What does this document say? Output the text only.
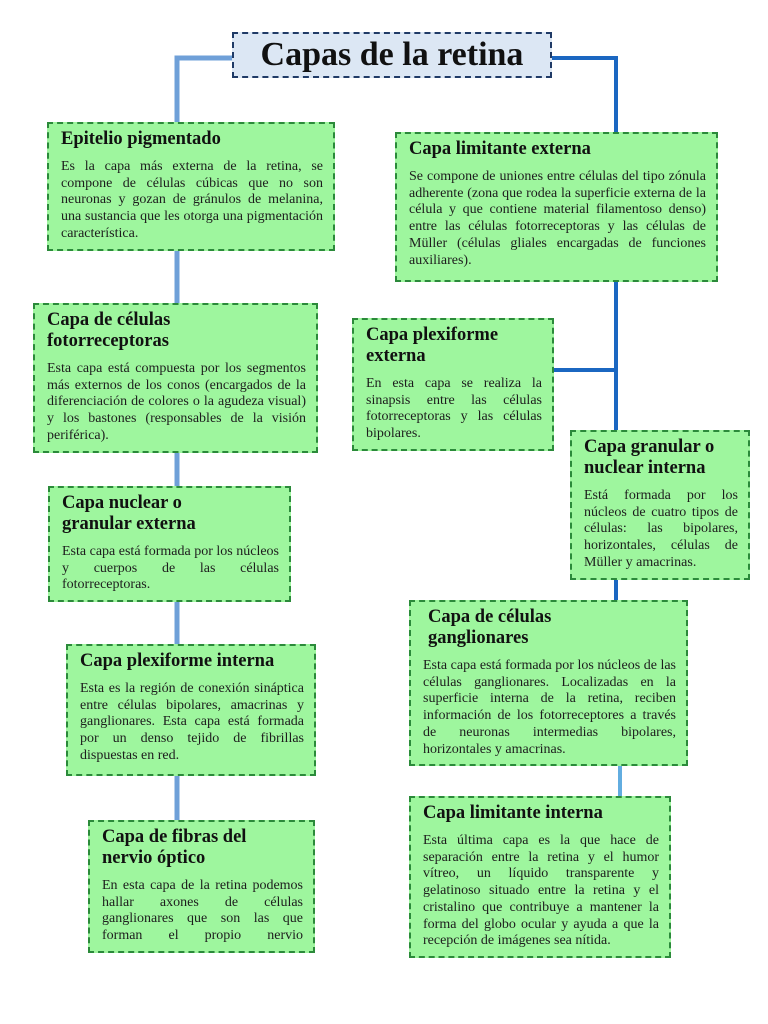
Capas de la retina
Epitelio pigmentado

Es la capa más externa de la retina, se compone de células cúbicas que no son neuronas y gozan de gránulos de melanina, una sustancia que les otorga una pigmentación característica.

Capa de células fotorreceptoras

Esta capa está compuesta por los segmentos más externos de los conos (encargados de la diferenciación de colores o la agudeza visual) y los bastones (responsables de la visión periférica).

Capa nuclear o granular externa

Esta capa está formada por los núcleos y cuerpos de las células fotorreceptoras.

Capa plexiforme interna

Esta es la región de conexión sináptica entre células bipolares, amacrinas y ganglionares. Esta capa está formada por un denso tejido de fibrillas dispuestas en red.

Capa de fibras del nervio óptico

En esta capa de la retina podemos hallar axones de células ganglionares que son las que forman el propio nervio

Capa limitante externa

Se compone de uniones entre células del tipo zónula adherente (zona que rodea la superficie externa de la célula y que contiene material filamentoso denso) entre las células fotorreceptoras y las células de Müller (células gliales encargadas de funciones auxiliares).

Capa plexiforme externa

En esta capa se realiza la sinapsis entre las células fotorreceptoras y las células bipolares.

Capa granular o nuclear interna

Está formada por los núcleos de cuatro tipos de células: las bipolares, horizontales, células de Müller y amacrinas.

Capa de células ganglionares

Esta capa está formada por los núcleos de las células ganglionares. Localizadas en la superficie interna de la retina, reciben información de los fotorreceptores a través de neuronas intermedias bipolares, horizontales y amacrinas.

Capa limitante interna

Esta última capa es la que hace de separación entre la retina y el humor vítreo, un líquido transparente y gelatinoso situado entre la retina y el cristalino que contribuye a mantener la forma del globo ocular y ayuda a que la recepción de imágenes sea nítida.
